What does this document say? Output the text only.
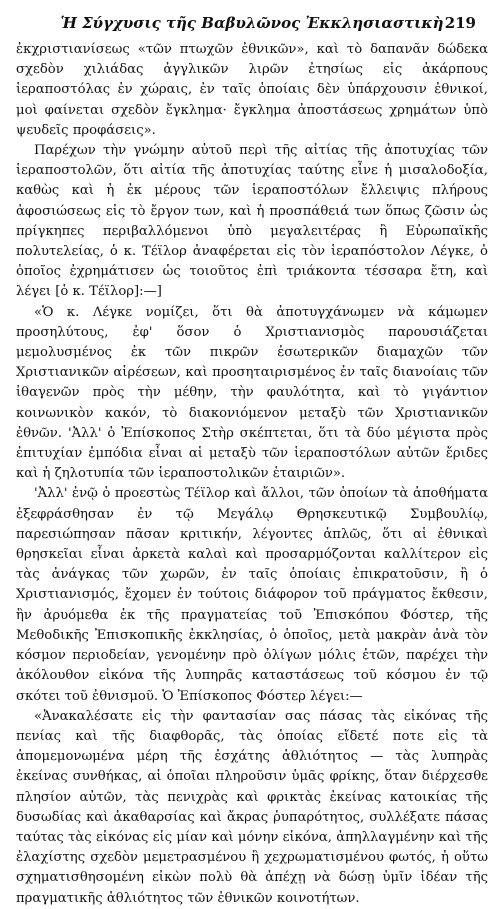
Ἡ Σύγχυσις τῆς Βαβυλῶνος Ἐκκλησιαστικὴ 219

ἐκχριστιανίσεως «τῶν πτωχῶν ἐθνικῶν», καὶ τὸ δαπανᾶν δώδεκα σχεδὸν χιλιάδας ἀγγλικῶν λιρῶν ἐτησίως εἰς ἀκάρπους ἱεραποστόλας ἐν χώραις, ἐν ταῖς ὁποίαις δὲν ὑπάρχουσιν ἐθνικοί, μοὶ φαίνεται σχεδὸν ἔγκλημα· ἔγκλημα ἀποστάσεως χρημάτων ὑπὸ ψευδεῖς προφάσεις».

Παρέχων τὴν γνώμην αὐτοῦ περὶ τῆς αἰτίας τῆς ἀποτυχίας τῶν ἱεραποστολῶν, ὅτι αἰτία τῆς ἀποτυχίας ταύτης εἶνε ἡ μισαλοδοξία, καθὼς καὶ ἡ ἐκ μέρους τῶν ἱεραποστόλων ἔλλειψις πλήρους ἀφοσιώσεως εἰς τὸ ἔργον των, καὶ ἡ προσπάθειά των ὅπως ζῶσιν ὡς πρίγκηπες περιβαλλόμενοι ὑπὸ μεγαλειτέρας ἢ Εὐρωπαϊκῆς πολυτελείας, ὁ κ. Τέϊλορ ἀναφέρεται εἰς τὸν ἱεραπόστολον Λέγκε, ὁ ὁποῖος ἐχρημάτισεν ὡς τοιοῦτος ἐπὶ τριάκοντα τέσσαρα ἔτη, καὶ λέγει [ὁ κ. Τέϊλορ]:—]

«Ὁ κ. Λέγκε νομίζει, ὅτι θὰ ἀποτυγχάνωμεν νὰ κάμωμεν προσηλύτους, ἐφ' ὅσον ὁ Χριστιανισμὸς παρουσιάζεται μεμολυσμένος ἐκ τῶν πικρῶν ἐσωτερικῶν διαμαχῶν τῶν Χριστιανικῶν αἱρέσεων, καὶ προσηταιρισμένος ἐν ταῖς διανοίαις τῶν ἰθαγενῶν πρὸς τὴν μέθην, τὴν φαυλότητα, καὶ τὸ γιγάντιον κοινωνικὸν κακόν, τὸ διακονιόμενον μεταξὺ τῶν Χριστιανικῶν ἐθνῶν. 'Ἀλλ' ὁ Ἐπίσκοπος Στὴρ σκέπτεται, ὅτι τὰ δύο μέγιστα πρὸς ἐπιτυχίαν ἐμπόδια εἶναι αἱ μεταξὺ τῶν ἱεραποστόλων αὐτῶν ἔριδες καὶ ἡ ζηλοτυπία τῶν ἱεραποστολικῶν ἑταιριῶν».

'Ἀλλ' ἐνῷ ὁ προεστὼς Τέϊλορ καὶ ἄλλοι, τῶν ὁποίων τὰ ἀποθήματα ἐξεφράσθησαν ἐν τῷ Μεγάλῳ Θρησκευτικῷ Συμβουλίῳ, παρεσιώπησαν πᾶσαν κριτικήν, λέγοντες ἁπλῶς, ὅτι αἱ ἐθνικαὶ θρησκεῖαι εἶναι ἀρκετὰ καλαὶ καὶ προσαρμόζονται καλλίτερον εἰς τὰς ἀνάγκας τῶν χωρῶν, ἐν ταῖς ὁποίαις ἐπικρατοῦσιν, ἢ ὁ Χριστιανισμός, ἔχομεν ἐν τούτοις διάφορον τοῦ πράγματος ἔκθεσιν, ἣν ἀρυόμεθα ἐκ τῆς πραγματείας τοῦ Ἐπισκόπου Φόστερ, τῆς Μεθοδικῆς Ἐπισκοπικῆς ἐκκλησίας, ὁ ὁποῖος, μετὰ μακρὰν ἀνὰ τὸν κόσμον περιοδείαν, γενομένην πρὸ ὀλίγων μόλις ἐτῶν, παρέχει τὴν ἀκόλουθον εἰκόνα τῆς λυπηρᾶς καταστάσεως τοῦ κόσμου ἐν τῷ σκότει τοῦ ἐθνισμοῦ. Ὁ Ἐπίσκοπος Φόστερ λέγει:—

«Ἀνακαλέσατε εἰς τὴν φαντασίαν σας πάσας τὰς εἰκόνας τῆς πενίας καὶ τῆς διαφθορᾶς, τὰς ὁποίας εἴδετέ ποτε εἰς τὰ ἀπομεμονωμένα μέρη τῆς ἐσχάτης ἀθλιότητος — τὰς λυπηρὰς ἐκείνας συνθήκας, αἱ ὁποῖαι πληροῦσιν ὑμᾶς φρίκης, ὅταν διέρχεσθε πλησίον αὐτῶν, τὰς πενιχρὰς καὶ φρικτὰς ἐκείνας κατοικίας τῆς δυσωδίας καὶ ἀκαθαρσίας καὶ ἄκρας ῥυπαρότητος, συλλέξατε πάσας ταύτας τὰς εἰκόνας εἰς μίαν καὶ μόνην εἰκόνα, ἀπηλλαγμένην καὶ τῆς ἐλαχίστης σχεδὸν μεμετρασμένου ἢ χεχρωματισμένου φωτός, ἡ οὕτω σχηματισθησομένη εἰκὼν πολὺ θὰ ἀπέχῃ νὰ δώσῃ ὑμῖν ἰδέαν τῆς πραγματικῆς ἀθλιότητος τῶν ἐθνικῶν κοινοτήτων.
